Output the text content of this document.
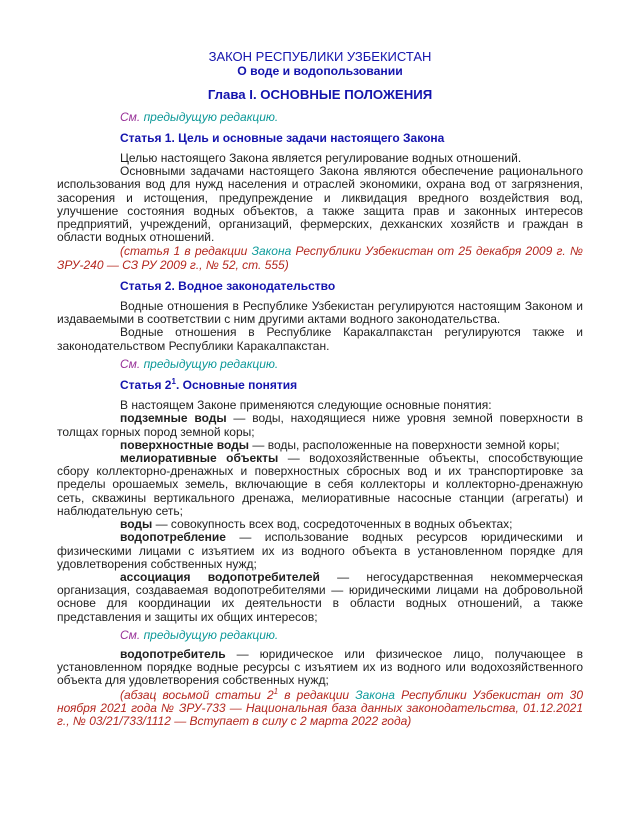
ЗАКОН РЕСПУБЛИКИ УЗБЕКИСТАН

О воде и водопользовании

Глава I. ОСНОВНЫЕ ПОЛОЖЕНИЯ

См. предыдущую редакцию.

Статья 1. Цель и основные задачи настоящего Закона

Целью настоящего Закона является регулирование водных отношений.

Основными задачами настоящего Закона являются обеспечение рационального использования вод для нужд населения и отраслей экономики, охрана вод от загрязнения, засорения и истощения, предупреждение и ликвидация вредного воздействия вод, улучшение состояния водных объектов, а также защита прав и законных интересов предприятий, учреждений, организаций, фермерских, дехканских хозяйств и граждан в области водных отношений.

(статья 1 в редакции Закона Республики Узбекистан от 25 декабря 2009 г. № ЗРУ-240 — СЗ РУ 2009 г., № 52, ст. 555)

Статья 2. Водное законодательство

Водные отношения в Республике Узбекистан регулируются настоящим Законом и издаваемыми в соответствии с ним другими актами водного законодательства.

Водные отношения в Республике Каракалпакстан регулируются также и законодательством Республики Каракалпакстан.

См. предыдущую редакцию.

Статья $2^1$. Основные понятия

В настоящем Законе применяются следующие основные понятия:

подземные воды — воды, находящиеся ниже уровня земной поверхности в толщах горных пород земной коры;

поверхностные воды — воды, расположенные на поверхности земной коры;

мелиоративные объекты — водохозяйственные объекты, способствующие сбору коллекторно-дренажных и поверхностных сбросных вод и их транспортировке за пределы орошаемых земель, включающие в себя коллекторы и коллекторно-дренажную сеть, скважины вертикального дренажа, мелиоративные насосные станции (агрегаты) и наблюдательную сеть;

воды — совокупность всех вод, сосредоточенных в водных объектах;

водопотребление — использование водных ресурсов юридическими и физическими лицами с изъятием их из водного объекта в установленном порядке для удовлетворения собственных нужд;

ассоциация водопотребителей — негосударственная некоммерческая организация, создаваемая водопотребителями — юридическими лицами на добровольной основе для координации их деятельности в области водных отношений, а также представления и защиты их общих интересов;

См. предыдущую редакцию.

водопотребитель — юридическое или физическое лицо, получающее в установленном порядке водные ресурсы с изъятием их из водного или водохозяйственного объекта для удовлетворения собственных нужд;

(абзац восьмой статьи $2^1$ в редакции Закона Республики Узбекистан от 30 ноября 2021 года № ЗРУ-733 — Национальная база данных законодательства, 01.12.2021 г., № 03/21/733/1112 — Вступает в силу с 2 марта 2022 года)
